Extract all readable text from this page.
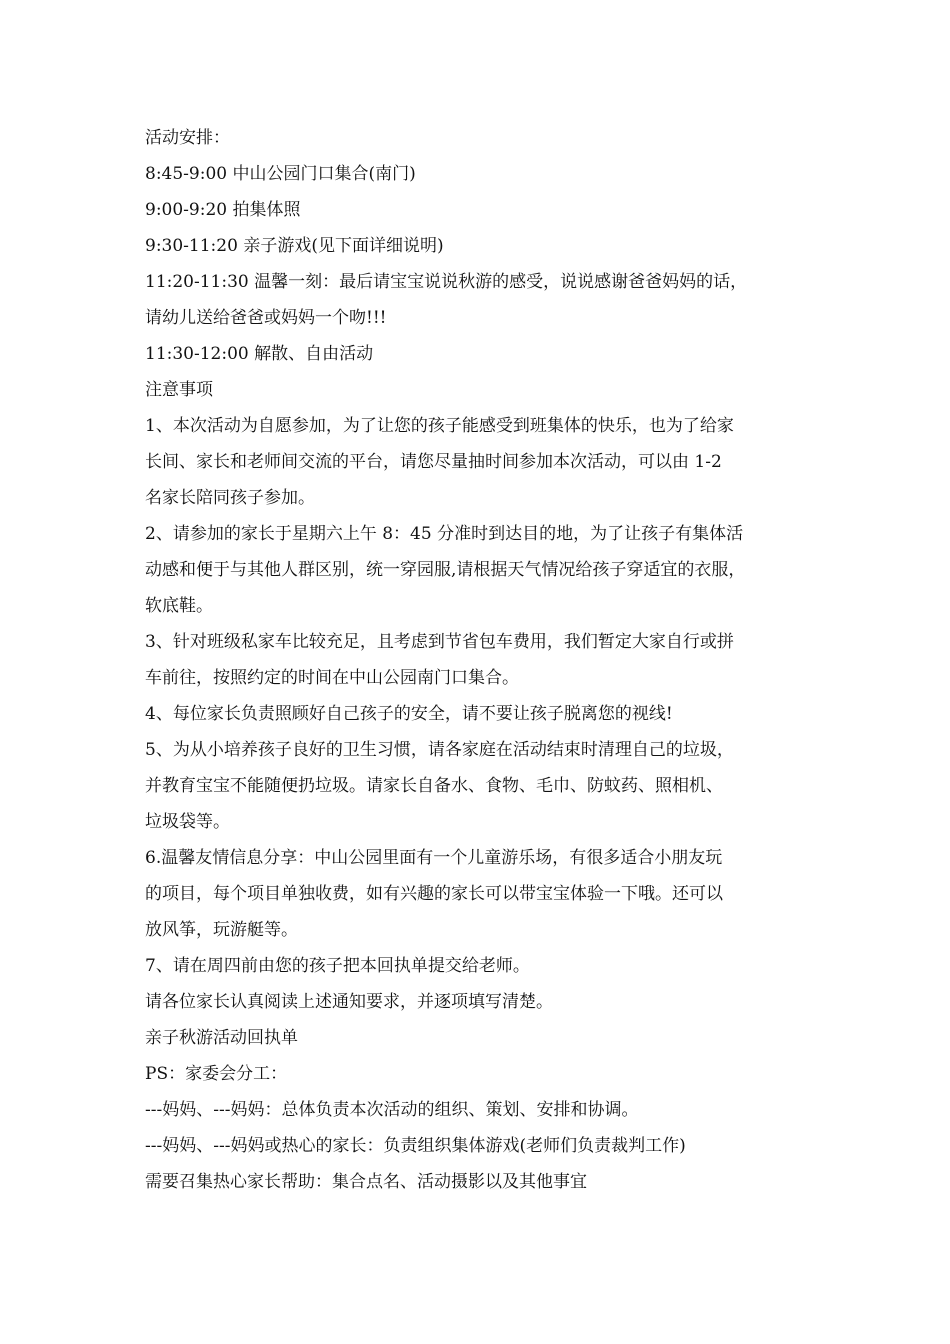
活动安排：
8:45-9:00 中山公园门口集合(南门)
9:00-9:20 拍集体照
9:30-11:20 亲子游戏(见下面详细说明)
11:20-11:30 温馨一刻：最后请宝宝说说秋游的感受，说说感谢爸爸妈妈的话，
请幼儿送给爸爸或妈妈一个吻!!!
11:30-12:00 解散、自由活动
注意事项
1、本次活动为自愿参加，为了让您的孩子能感受到班集体的快乐，也为了给家
长间、家长和老师间交流的平台，请您尽量抽时间参加本次活动，可以由 1-2
名家长陪同孩子参加。
2、请参加的家长于星期六上午 8：45 分准时到达目的地，为了让孩子有集体活
动感和便于与其他人群区别，统一穿园服,请根据天气情况给孩子穿适宜的衣服，
软底鞋。
3、针对班级私家车比较充足，且考虑到节省包车费用，我们暂定大家自行或拼
车前往，按照约定的时间在中山公园南门口集合。
4、每位家长负责照顾好自己孩子的安全，请不要让孩子脱离您的视线!
5、为从小培养孩子良好的卫生习惯，请各家庭在活动结束时清理自己的垃圾，
并教育宝宝不能随便扔垃圾。请家长自备水、食物、毛巾、防蚊药、照相机、
垃圾袋等。
6.温馨友情信息分享：中山公园里面有一个儿童游乐场，有很多适合小朋友玩
的项目，每个项目单独收费，如有兴趣的家长可以带宝宝体验一下哦。还可以
放风筝，玩游艇等。
7、请在周四前由您的孩子把本回执单提交给老师。
请各位家长认真阅读上述通知要求，并逐项填写清楚。
亲子秋游活动回执单
PS：家委会分工：
---妈妈、---妈妈：总体负责本次活动的组织、策划、安排和协调。
---妈妈、---妈妈或热心的家长：负责组织集体游戏(老师们负责裁判工作)
需要召集热心家长帮助：集合点名、活动摄影以及其他事宜
